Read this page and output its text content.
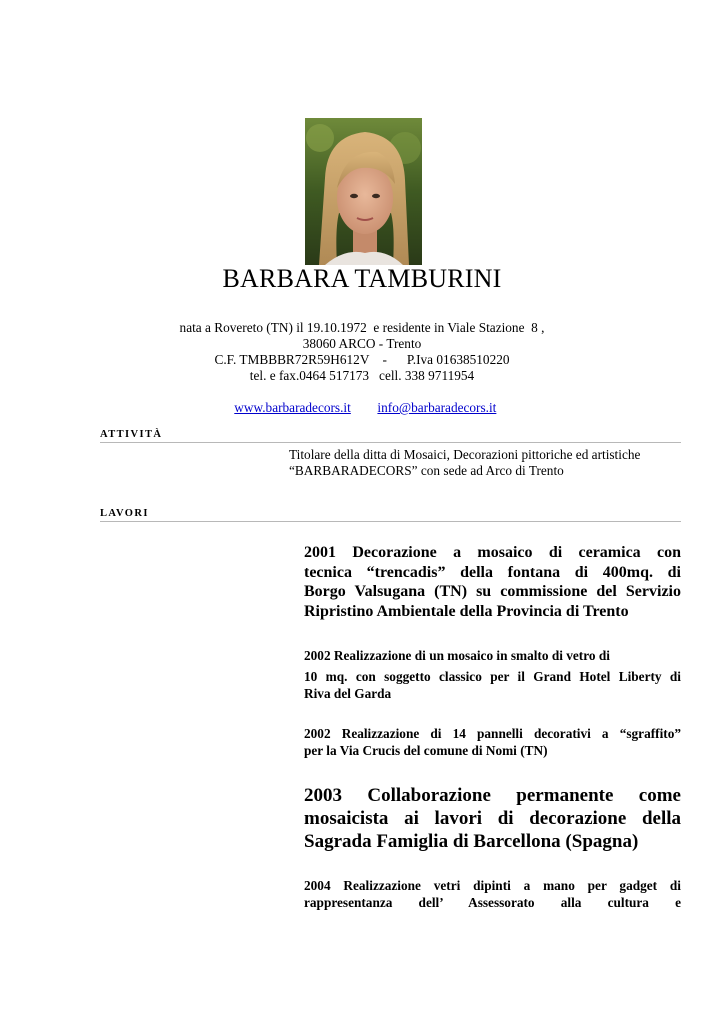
BARBARA TAMBURINI
nata a Rovereto (TN) il 19.10.1972  e residente in Viale Stazione  8 ,
38060 ARCO - Trento
C.F. TMBBBR72R59H612V    -      P.Iva 01638510220
tel. e fax.0464 517173   cell. 338 9711954

www.barbaradecors.it info@barbaradecors.it

ATTIVITÀ
Titolare della ditta di Mosaici, Decorazioni pittoriche ed artistiche
“BARBARADECORS” con sede ad Arco di Trento
LAVORI
2001 Decorazione a mosaico di ceramica con
tecnica “trencadis” della fontana di 400mq. di
Borgo Valsugana (TN) su commissione del Servizio
Ripristino Ambientale della Provincia di Trento
2002 Realizzazione di un mosaico in smalto di vetro di
10 mq. con soggetto classico per il Grand Hotel Liberty di
Riva del Garda
2002 Realizzazione di 14 pannelli decorativi a “sgraffito”
per la Via Crucis del comune di Nomi (TN)
2003 Collaborazione permanente come
mosaicista ai lavori di decorazione della
Sagrada Famiglia di Barcellona (Spagna)
2004 Realizzazione vetri dipinti a mano per gadget di
rappresentanza dell’ Assessorato alla cultura e
